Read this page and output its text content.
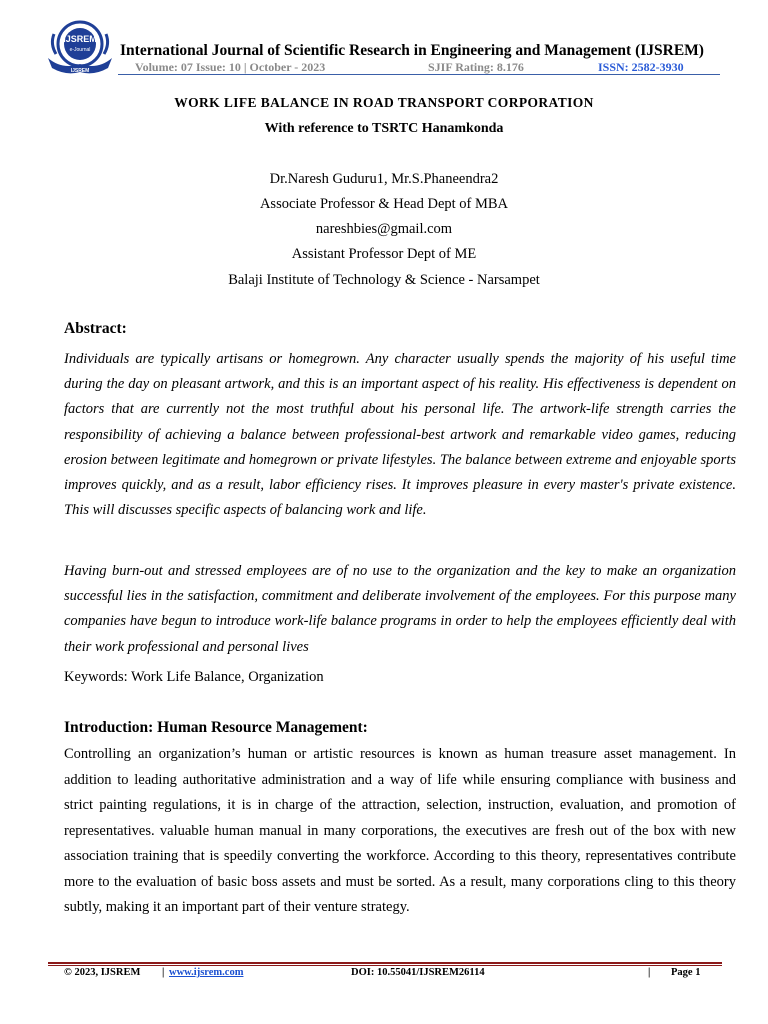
IJSREM
e-Journal
IJSREM
International Journal of Scientific Research in Engineering and Management (IJSREM)
Volume: 07 Issue: 10 | October - 2023	SJIF Rating: 8.176	ISSN: 2582-3930
WORK LIFE BALANCE IN ROAD TRANSPORT CORPORATION
With reference to TSRTC Hanamkonda
Dr.Naresh Guduru1, Mr.S.Phaneendra2
Associate Professor & Head Dept of MBA
nareshbies@gmail.com
Assistant Professor Dept of ME
Balaji Institute of Technology & Science - Narsampet
Abstract:

Individuals are typically artisans or homegrown. Any character usually spends the majority of his useful time during the day on pleasant artwork, and this is an important aspect of his reality. His effectiveness is dependent on factors that are currently not the most truthful about his personal life. The artwork-life strength carries the responsibility of achieving a balance between professional-best artwork and remarkable video games, reducing erosion between legitimate and homegrown or private lifestyles. The balance between extreme and enjoyable sports improves quickly, and as a result, labor efficiency rises. It improves pleasure in every master's private existence. This will discusses specific aspects of balancing work and life.

Having burn-out and stressed employees are of no use to the organization and the key to make an organization successful lies in the satisfaction, commitment and deliberate involvement of the employees. For this purpose many companies have begun to introduce work-life balance programs in order to help the employees efficiently deal with their work professional and personal lives

Keywords: Work Life Balance, Organization
Introduction: Human Resource Management:

Controlling an organization’s human or artistic resources is known as human treasure asset management. In addition to leading authoritative administration and a way of life while ensuring compliance with business and strict painting regulations, it is in charge of the attraction, selection, instruction, evaluation, and promotion of representatives. valuable human manual in many corporations, the executives are fresh out of the box with new association training that is speedily converting the workforce. According to this theory, representatives contribute more to the evaluation of basic boss assets and must be sorted. As a result, many corporations cling to this theory subtly, making it an important part of their venture strategy.

© 2023, IJSREM | www.ijsrem.com	DOI: 10.55041/IJSREM26114	| Page 1
